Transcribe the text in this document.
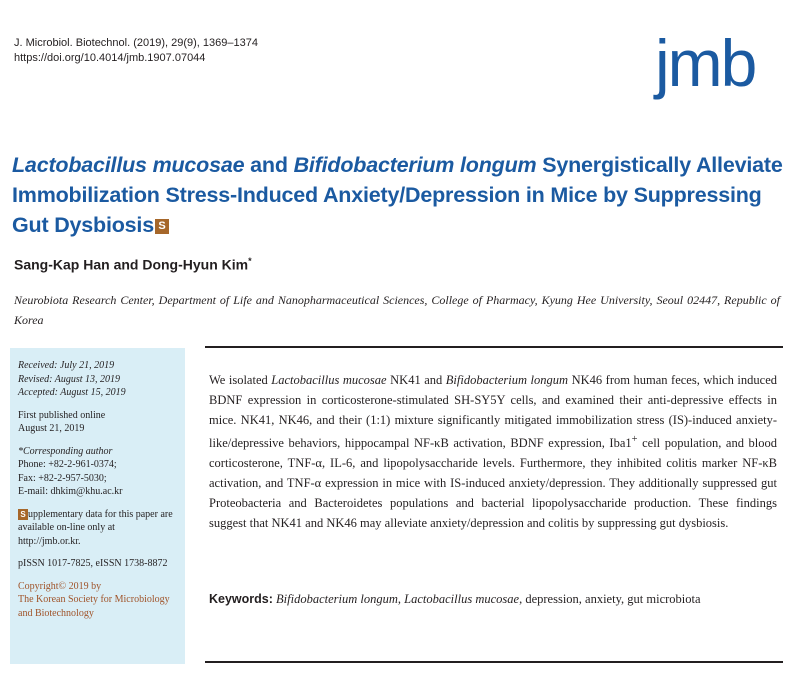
J. Microbiol. Biotechnol. (2019), 29(9), 1369–1374
https://doi.org/10.4014/jmb.1907.07044	jmb
Lactobacillus mucosae and Bifidobacterium longum Synergistically Alleviate Immobilization Stress-Induced Anxiety/Depression in Mice by Suppressing Gut Dysbiosis S
Sang-Kap Han and Dong-Hyun Kim*
Neurobiota Research Center, Department of Life and Nanopharmaceutical Sciences, College of Pharmacy, Kyung Hee University, Seoul 02447, Republic of Korea
Received: July 21, 2019
Revised: August 13, 2019
Accepted: August 15, 2019
First published online
August 21, 2019
*Corresponding author
Phone: +82-2-961-0374;
Fax: +82-2-957-5030;
E-mail: dhkim@khu.ac.kr
S upplementary data for this paper are available on-line only at http://jmb.or.kr.
pISSN 1017-7825, eISSN 1738-8872
Copyright© 2019 by
The Korean Society for Microbiology and Biotechnology
We isolated Lactobacillus mucosae NK41 and Bifidobacterium longum NK46 from human feces, which induced BDNF expression in corticosterone-stimulated SH-SY5Y cells, and examined their anti-depressive effects in mice. NK41, NK46, and their (1:1) mixture significantly mitigated immobilization stress (IS)-induced anxiety-like/depressive behaviors, hippocampal NF-κB activation, BDNF expression, Iba1+ cell population, and blood corticosterone, TNF-α, IL-6, and lipopolysaccharide levels. Furthermore, they inhibited colitis marker NF-κB activation, and TNF-α expression in mice with IS-induced anxiety/depression. They additionally suppressed gut Proteobacteria and Bacteroidetes populations and bacterial lipopolysaccharide production. These findings suggest that NK41 and NK46 may alleviate anxiety/depression and colitis by suppressing gut dysbiosis.
Keywords: Bifidobacterium longum, Lactobacillus mucosae, depression, anxiety, gut microbiota
